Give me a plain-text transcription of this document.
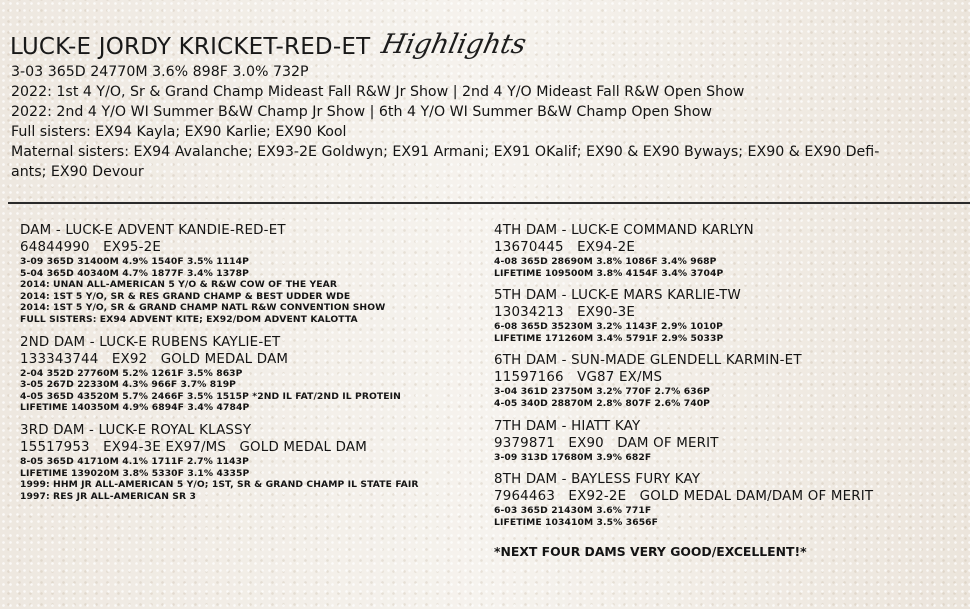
LUCK-E JORDY KRICKET-RED-ET Highlights
3-03 365D 24770M 3.6% 898F 3.0% 732P
2022: 1st 4 Y/O, Sr & Grand Champ Mideast Fall R&W Jr Show | 2nd 4 Y/O Mideast Fall R&W Open Show
2022: 2nd 4 Y/O WI Summer B&W Champ Jr Show | 6th 4 Y/O WI Summer B&W Champ Open Show
Full sisters: EX94 Kayla; EX90 Karlie; EX90 Kool
Maternal sisters: EX94 Avalanche; EX93-2E Goldwyn; EX91 Armani; EX91 OKalif; EX90 & EX90 Byways; EX90 & EX90 Defi-
ants; EX90 Devour
DAM - LUCK-E ADVENT KANDIE-RED-ET
64844990   EX95-2E
3-09 365D 31400M 4.9% 1540F 3.5% 1114P
5-04 365D 40340M 4.7% 1877F 3.4% 1378P
2014: UNAN ALL-AMERICAN 5 Y/O & R&W COW OF THE YEAR
2014: 1ST 5 Y/O, SR & RES GRAND CHAMP & BEST UDDER WDE
2014: 1ST 5 Y/O, SR & GRAND CHAMP NATL R&W CONVENTION SHOW
FULL SISTERS: EX94 ADVENT KITE; EX92/DOM ADVENT KALOTTA
2ND DAM - LUCK-E RUBENS KAYLIE-ET
133343744   EX92   GOLD MEDAL DAM
2-04 352D 27760M 5.2% 1261F 3.5% 863P
3-05 267D 22330M 4.3% 966F 3.7% 819P
4-05 365D 43520M 5.7% 2466F 3.5% 1515P *2ND IL FAT/2ND IL PROTEIN
LIFETIME 140350M 4.9% 6894F 3.4% 4784P
3RD DAM - LUCK-E ROYAL KLASSY
15517953   EX94-3E EX97/MS   GOLD MEDAL DAM
8-05 365D 41710M 4.1% 1711F 2.7% 1143P
LIFETIME 139020M 3.8% 5330F 3.1% 4335P
1999: HHM JR ALL-AMERICAN 5 Y/O; 1ST, SR & GRAND CHAMP IL STATE FAIR
1997: RES JR ALL-AMERICAN SR 3
4TH DAM - LUCK-E COMMAND KARLYN
13670445   EX94-2E
4-08 365D 28690M 3.8% 1086F 3.4% 968P
LIFETIME 109500M 3.8% 4154F 3.4% 3704P
5TH DAM - LUCK-E MARS KARLIE-TW
13034213   EX90-3E
6-08 365D 35230M 3.2% 1143F 2.9% 1010P
LIFETIME 171260M 3.4% 5791F 2.9% 5033P
6TH DAM - SUN-MADE GLENDELL KARMIN-ET
11597166   VG87 EX/MS
3-04 361D 23750M 3.2% 770F 2.7% 636P
4-05 340D 28870M 2.8% 807F 2.6% 740P
7TH DAM - HIATT KAY
9379871   EX90   DAM OF MERIT
3-09 313D 17680M 3.9% 682F
8TH DAM - BAYLESS FURY KAY
7964463   EX92-2E   GOLD MEDAL DAM/DAM OF MERIT
6-03 365D 21430M 3.6% 771F
LIFETIME 103410M 3.5% 3656F
*NEXT FOUR DAMS VERY GOOD/EXCELLENT!*
